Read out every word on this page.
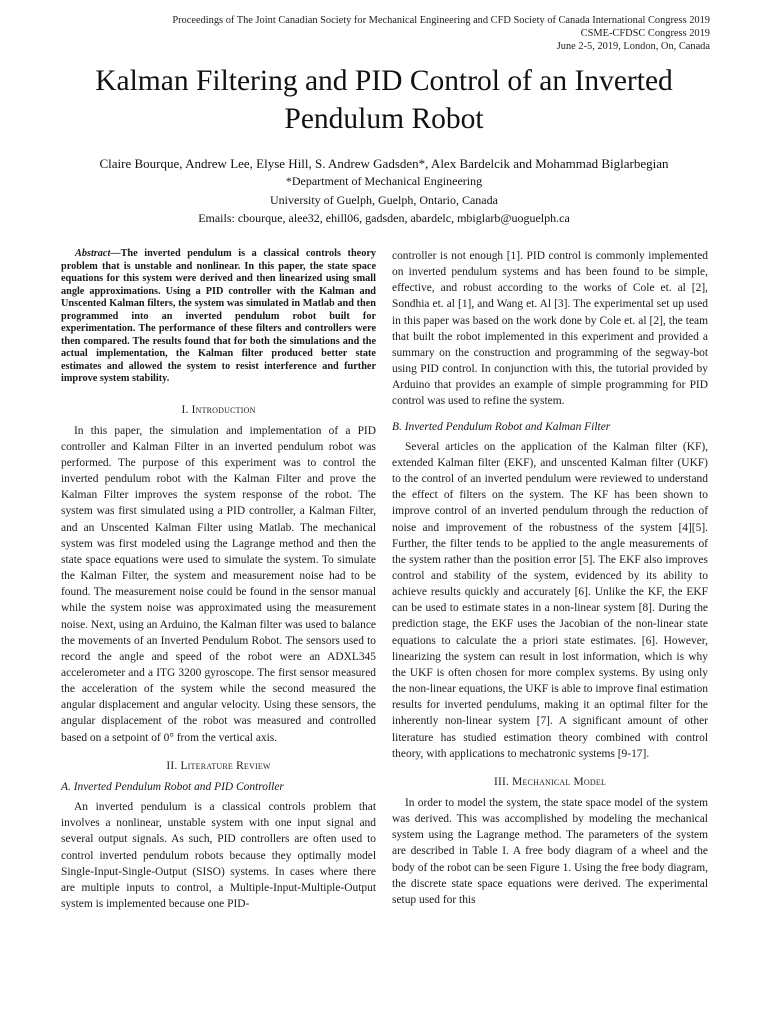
Proceedings of The Joint Canadian Society for Mechanical Engineering and CFD Society of Canada International Congress 2019
CSME-CFDSC Congress 2019
June 2-5, 2019, London, On, Canada
Kalman Filtering and PID Control of an Inverted
Pendulum Robot
Claire Bourque, Andrew Lee, Elyse Hill, S. Andrew Gadsden*, Alex Bardelcik and Mohammad Biglarbegian
*Department of Mechanical Engineering
University of Guelph, Guelph, Ontario, Canada
Emails: cbourque, alee32, ehill06, gadsden, abardelc, mbiglarb@uoguelph.ca

Abstract—The inverted pendulum is a classical controls theory problem that is unstable and nonlinear. In this paper, the state space equations for this system were derived and then linearized using small angle approximations. Using a PID controller with the Kalman and Unscented Kalman filters, the system was simulated in Matlab and then programmed into an inverted pendulum robot built for experimentation. The performance of these filters and controllers were then compared. The results found that for both the simulations and the actual implementation, the Kalman filter produced better state estimates and allowed the system to resist interference and further improve system stability.

I. Introduction

In this paper, the simulation and implementation of a PID controller and Kalman Filter in an inverted pendulum robot was performed. The purpose of this experiment was to control the inverted pendulum robot with the Kalman Filter and prove the Kalman Filter improves the system response of the robot. The system was first simulated using a PID controller, a Kalman Filter, and an Unscented Kalman Filter using Matlab. The mechanical system was first modeled using the Lagrange method and then the state space equations were used to simulate the system. To simulate the Kalman Filter, the system and measurement noise had to be found. The measurement noise could be found in the sensor manual while the system noise was approximated using the measurement noise. Next, using an Arduino, the Kalman filter was used to balance the movements of an Inverted Pendulum Robot. The sensors used to record the angle and speed of the robot were an ADXL345 accelerometer and a ITG 3200 gyroscope. The first sensor measured the acceleration of the system while the second measured the angular displacement and angular velocity. Using these sensors, the angular displacement of the robot was measured and controlled based on a setpoint of 0° from the vertical axis.

II. Literature Review
A. Inverted Pendulum Robot and PID Controller

An inverted pendulum is a classical controls problem that involves a nonlinear, unstable system with one input signal and several output signals. As such, PID controllers are often used to control inverted pendulum robots because they optimally model Single-Input-Single-Output (SISO) systems. In cases where there are multiple inputs to control, a Multiple-Input-Multiple-Output system is implemented because one PID-

controller is not enough [1]. PID control is commonly implemented on inverted pendulum systems and has been found to be simple, effective, and robust according to the works of Cole et. al [2], Sondhia et. al [1], and Wang et. Al [3]. The experimental set up used in this paper was based on the work done by Cole et. al [2], the team that built the robot implemented in this experiment and provided a summary on the construction and programming of the segway-bot using PID control. In conjunction with this, the tutorial provided by Arduino that provides an example of simple programming for PID control was used to refine the system.

B. Inverted Pendulum Robot and Kalman Filter

Several articles on the application of the Kalman filter (KF), extended Kalman filter (EKF), and unscented Kalman filter (UKF) to the control of an inverted pendulum were reviewed to understand the effect of filters on the system. The KF has been shown to improve control of an inverted pendulum through the reduction of noise and improvement of the robustness of the system [4][5]. Further, the filter tends to be applied to the angle measurements of the system rather than the position error [5]. The EKF also improves control and stability of the system, evidenced by its ability to achieve results quickly and accurately [6]. Unlike the KF, the EKF can be used to estimate states in a non-linear system [8]. During the prediction stage, the EKF uses the Jacobian of the non-linear state equations to calculate the a priori state estimates. [6]. However, linearizing the system can result in lost information, which is why the UKF is often chosen for more complex systems. By using only the non-linear equations, the UKF is able to improve final estimation results for inverted pendulums, making it an optimal filter for the inherently non-linear system [7]. A significant amount of other literature has studied estimation theory combined with control theory, with applications to mechatronic systems [9-17].

III. Mechanical Model

In order to model the system, the state space model of the system was derived. This was accomplished by modeling the mechanical system using the Lagrange method. The parameters of the system are described in Table I. A free body diagram of a wheel and the body of the robot can be seen Figure 1. Using the free body diagram, the discrete state space equations were derived. The experimental setup used for this
